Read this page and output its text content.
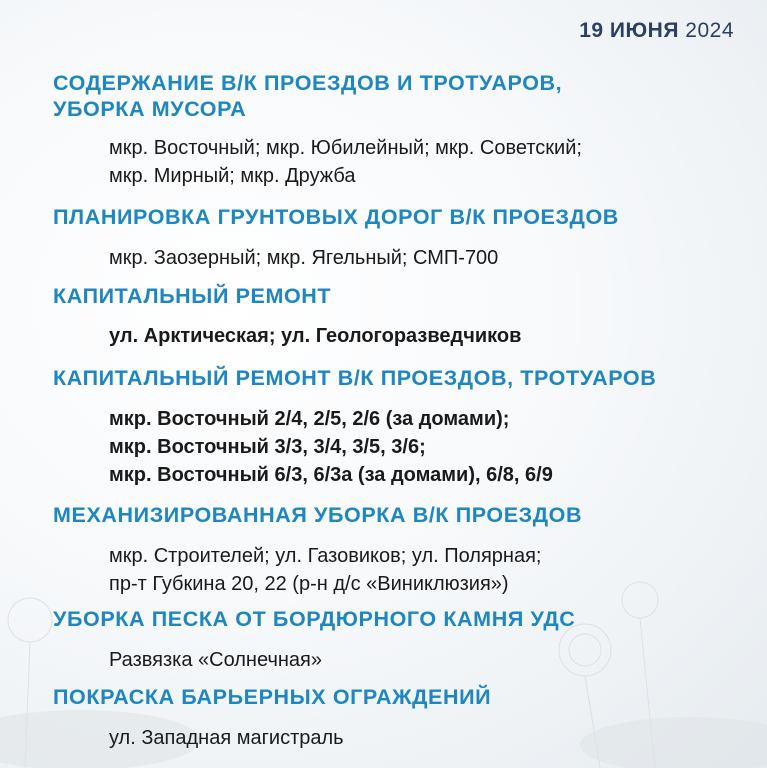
19 ИЮНЯ 2024
СОДЕРЖАНИЕ В/К ПРОЕЗДОВ И ТРОТУАРОВ,
УБОРКА МУСОРА
мкр. Восточный; мкр. Юбилейный; мкр. Советский;
мкр. Мирный; мкр. Дружба
ПЛАНИРОВКА ГРУНТОВЫХ ДОРОГ В/К ПРОЕЗДОВ
мкр. Заозерный; мкр. Ягельный; СМП-700
КАПИТАЛЬНЫЙ РЕМОНТ
ул. Арктическая; ул. Геологоразведчиков
КАПИТАЛЬНЫЙ РЕМОНТ В/К ПРОЕЗДОВ, ТРОТУАРОВ
мкр. Восточный 2/4, 2/5, 2/6 (за домами);
мкр. Восточный 3/3, 3/4, 3/5, 3/6;
мкр. Восточный 6/3, 6/3а (за домами), 6/8, 6/9
МЕХАНИЗИРОВАННАЯ УБОРКА В/К ПРОЕЗДОВ
мкр. Строителей; ул. Газовиков; ул. Полярная;
пр-т Губкина 20, 22 (р-н д/с «Виниклюзия»)
УБОРКА ПЕСКА ОТ БОРДЮРНОГО КАМНЯ УДС
Развязка «Солнечная»
ПОКРАСКА БАРЬЕРНЫХ ОГРАЖДЕНИЙ
ул. Западная магистраль
